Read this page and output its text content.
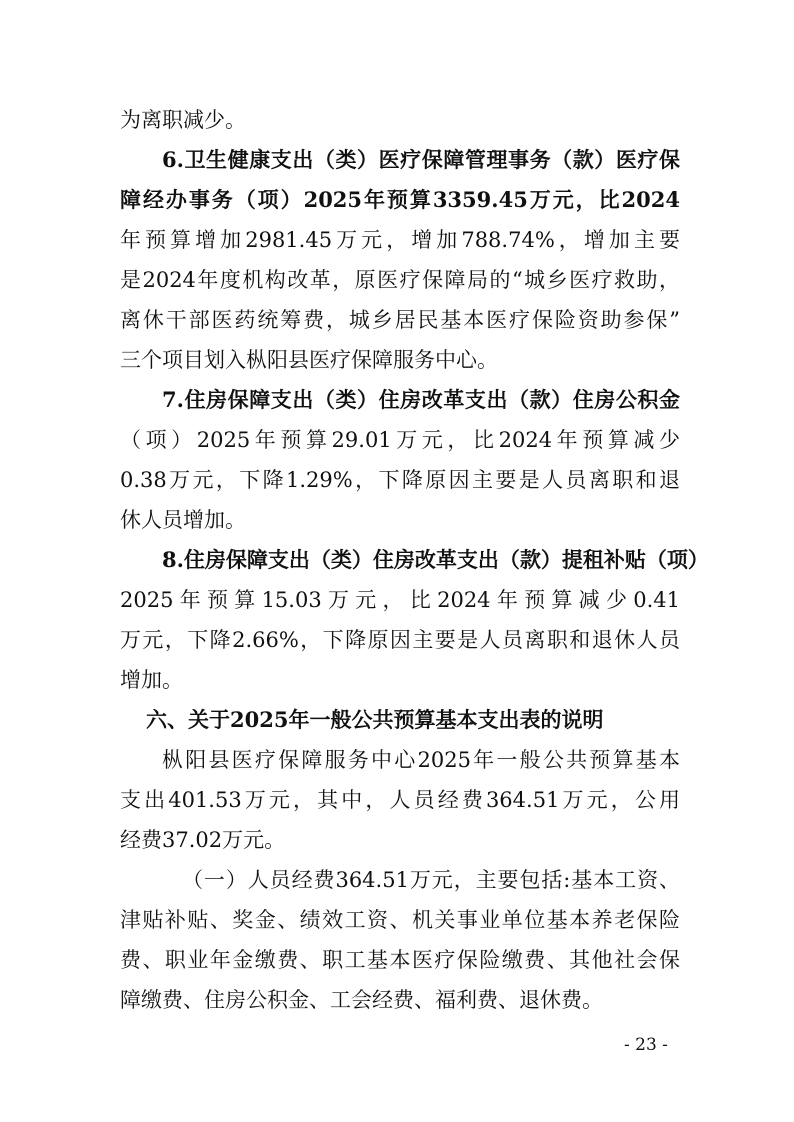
为离职减少。
6.卫生健康支出（类）医疗保障管理事务（款）医疗保
障经办事务（项）2025年预算3359.45万元，比2024
年预算增加2981.45万元，增加788.74%，增加主要
是2024年度机构改革，原医疗保障局的“城乡医疗救助，
离休干部医药统筹费，城乡居民基本医疗保险资助参保”
三个项目划入枞阳县医疗保障服务中心。
7.住房保障支出（类）住房改革支出（款）住房公积金
（项）2025年预算29.01万元，比2024年预算减少
0.38万元，下降1.29%，下降原因主要是人员离职和退
休人员增加。
8.住房保障支出（类）住房改革支出（款）提租补贴（项）
2025年预算15.03万元，比2024年预算减少0.41
万元，下降2.66%，下降原因主要是人员离职和退休人员
增加。
六、关于2025年一般公共预算基本支出表的说明
枞阳县医疗保障服务中心2025年一般公共预算基本
支出401.53万元，其中，人员经费364.51万元，公用
经费37.02万元。
（一）人员经费364.51万元，主要包括:基本工资、
津贴补贴、奖金、绩效工资、机关事业单位基本养老保险
费、职业年金缴费、职工基本医疗保险缴费、其他社会保
障缴费、住房公积金、工会经费、福利费、退休费。
- 23 -
